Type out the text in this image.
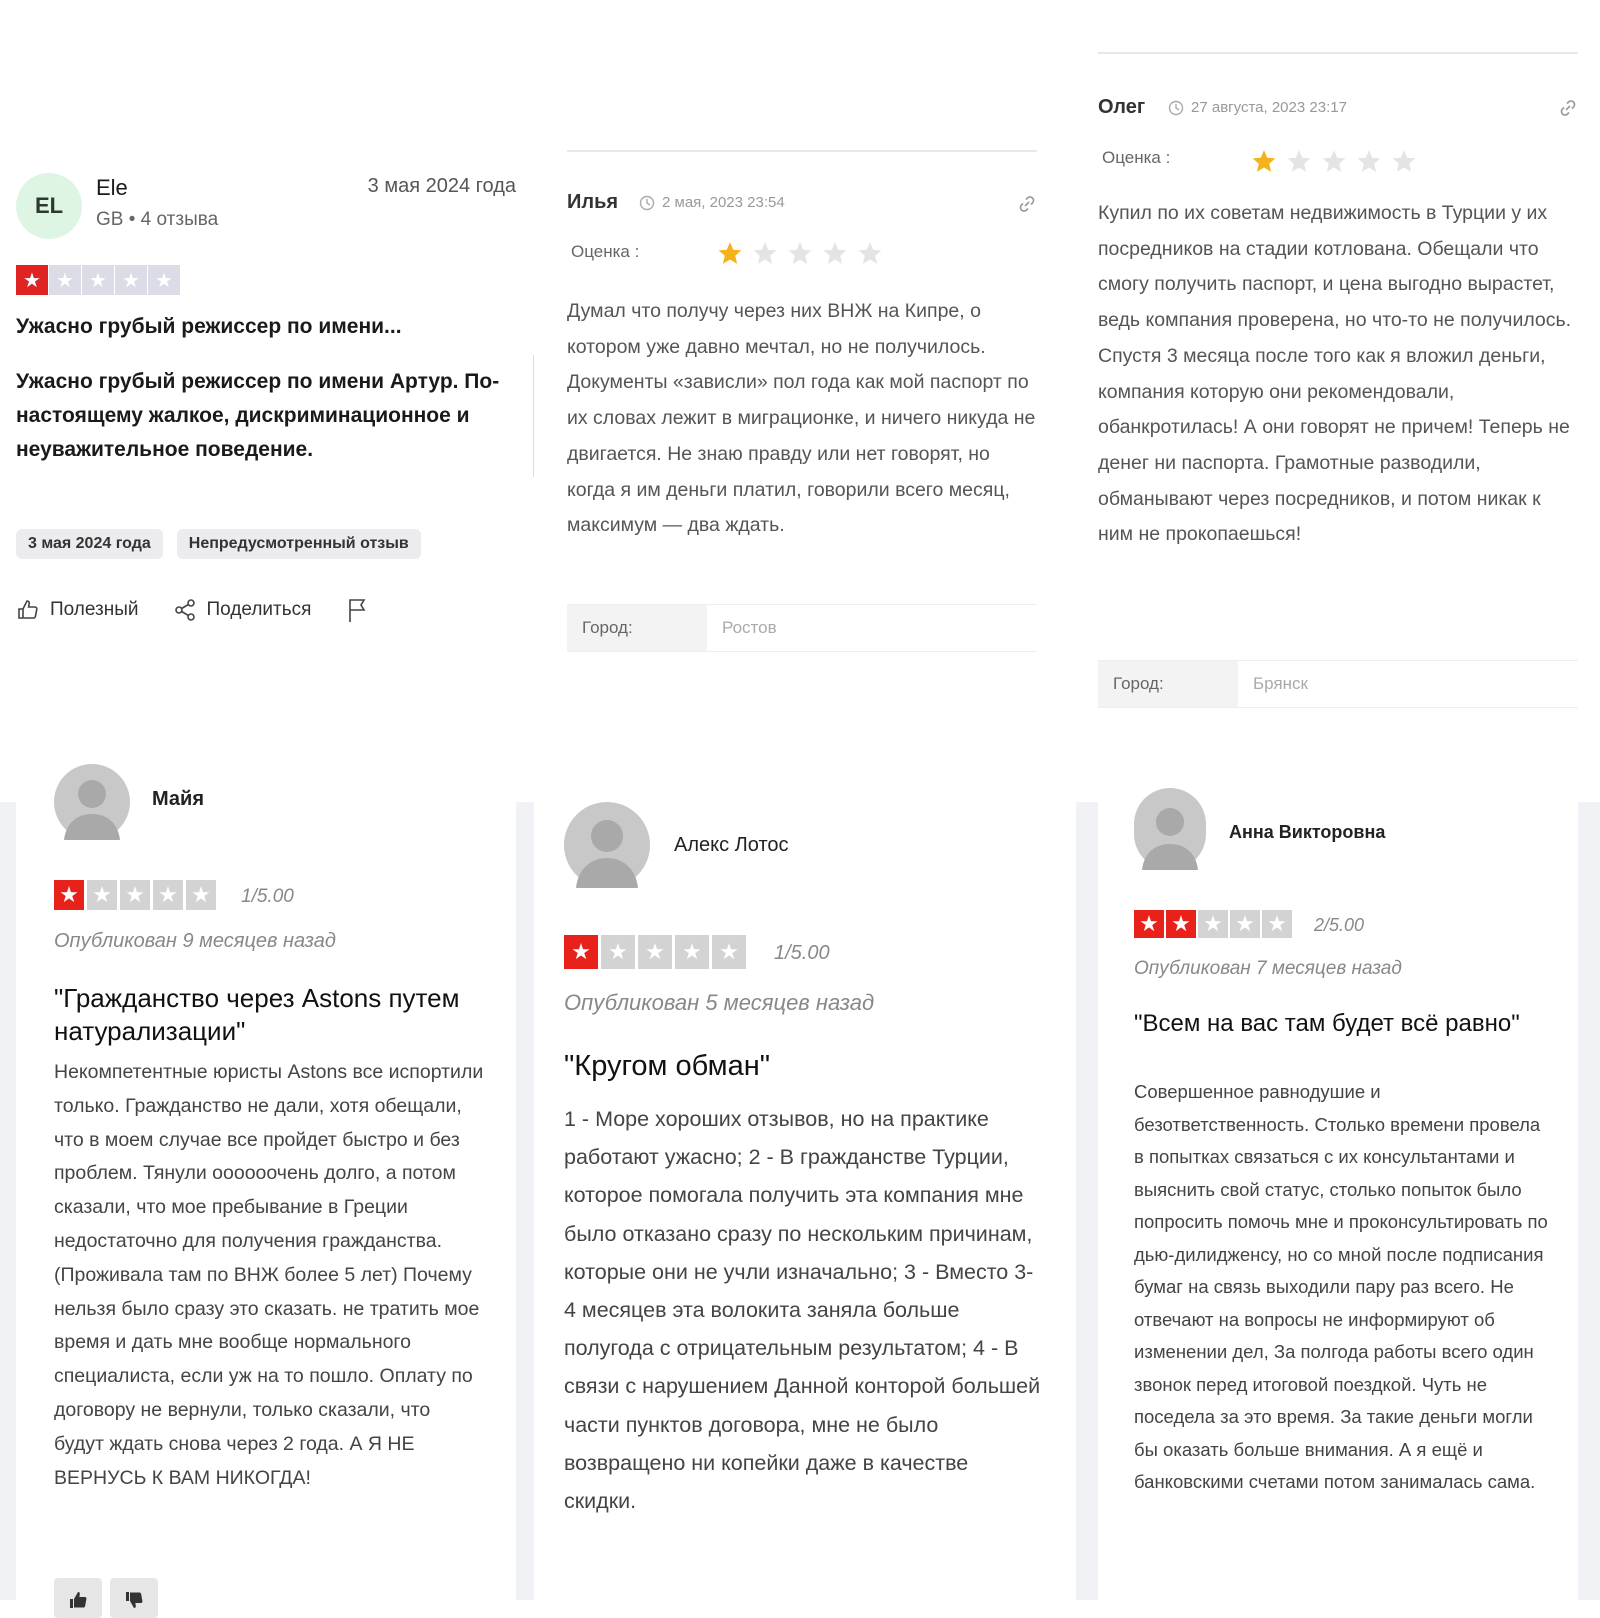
EL
Ele
GB • 4 отзыва
3 мая 2024 года
★ ★ ★ ★ ★
Ужасно грубый режиссер по имени...
Ужасно грубый режиссер по имени Артур. По-настоящему жалкое, дискриминационное и неуважительное поведение.
3 мая 2024 года	Непредусмотренный отзыв
Полезный	Поделиться
Илья	2 мая, 2023 23:54
Оценка :
Думал что получу через них ВНЖ на Кипре, о котором уже давно мечтал, но не получилось. Документы «зависли» пол года как мой паспорт по их словах лежит в миграционке, и ничего никуда не двигается. Не знаю правду или нет говорят, но когда я им деньги платил, говорили всего месяц, максимум — два ждать.
Город:	Ростов
Олег	27 августа, 2023 23:17
Оценка :
Купил по их советам недвижимость в Турции у их посредников на стадии котлована. Обещали что смогу получить паспорт, и цена выгодно вырастет, ведь компания проверена, но что-то не получилось. Спустя 3 месяца после того как я вложил деньги, компания которую они рекомендовали, обанкротилась! А они говорят не причем! Теперь не денег ни паспорта. Грамотные разводили, обманывают через посредников, и потом никак к ним не прокопаешься!
Город:	Брянск
Майя
★ ★ ★ ★ ★ 1/5.00
Опубликован 9 месяцев назад
"Гражданство через Astons путем натурализации"
Некомпетентные юристы Astons все испортили только. Гражданство не дали, хотя обещали, что в моем случае все пройдет быстро и без проблем. Тянули оооооочень долго, а потом сказали, что мое пребывание в Греции недостаточно для получения гражданства. (Проживала там по ВНЖ более 5 лет) Почему нельзя было сразу это сказать. не тратить мое время и дать мне вообще нормального специалиста, если уж на то пошло. Оплату по договору не вернули, только сказали, что будут ждать снова через 2 года. А Я НЕ ВЕРНУСЬ К ВАМ НИКОГДА!
Алекс Лотос
★ ★ ★ ★ ★	1/5.00
Опубликован 5 месяцев назад
"Кругом обман"
1 - Море хороших отзывов, но на практике работают ужасно; 2 - В гражданстве Турции, которое помогала получить эта компания мне было отказано сразу по нескольким причинам, которые они не учли изначально; 3 - Вместо 3-4 месяцев эта волокита заняла больше полугода с отрицательным результатом; 4 - В связи с нарушением Данной конторой большей части пунктов договора, мне не было возвращено ни копейки даже в качестве скидки.
Анна Викторовна
★ ★ ★ ★ ★ 2/5.00
Опубликован 7 месяцев назад
"Всем на вас там будет всё равно"
Совершенное равнодушие и безответственность. Столько времени провела в попытках связаться с их консультантами и выяснить свой статус, столько попыток было попросить помочь мне и проконсультировать по дью-дилидженсу, но со мной после подписания бумаг на связь выходили пару раз всего. Не отвечают на вопросы не информируют об изменении дел, За полгода работы всего один звонок перед итоговой поездкой. Чуть не поседела за это время. За такие деньги могли бы оказать больше внимания. А я ещё и банковскими счетами потом занималась сама.
